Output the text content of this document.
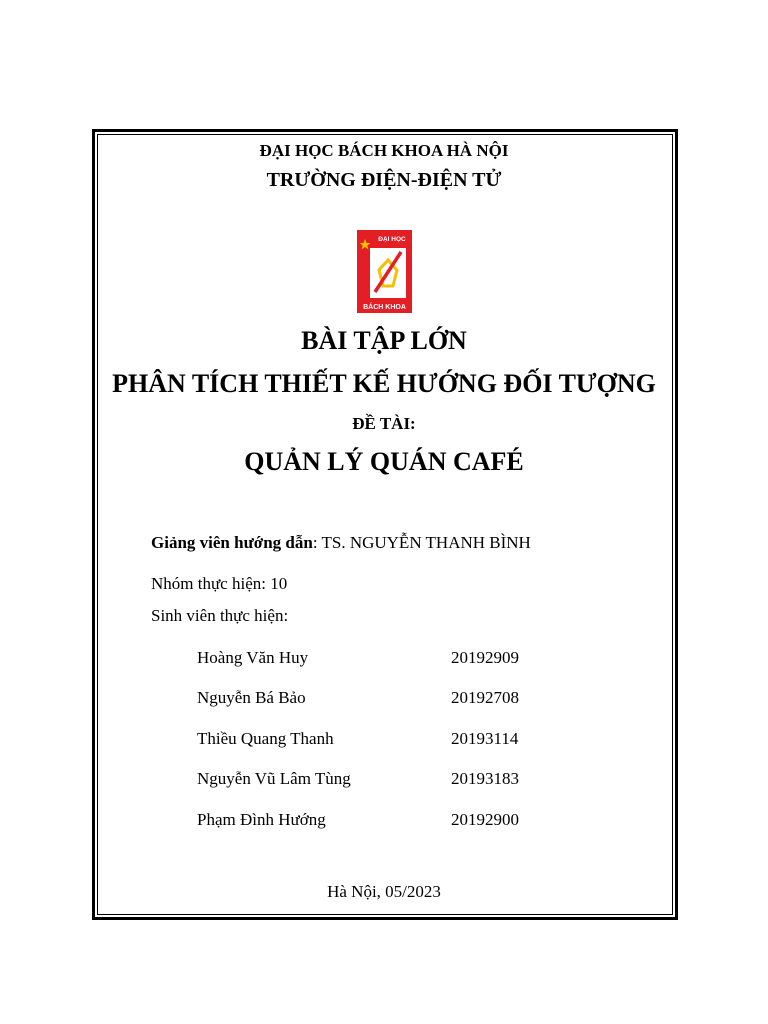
ĐẠI HỌC BÁCH KHOA HÀ NỘI
TRƯỜNG ĐIỆN-ĐIỆN TỬ
ĐẠI HỌC
BÁCH KHOA
BÀI TẬP LỚN
PHÂN TÍCH THIẾT KẾ HƯỚNG ĐỐI TƯỢNG
ĐỀ TÀI:
QUẢN LÝ QUÁN CAFÉ
Giảng viên hướng dẫn: TS. NGUYỄN THANH BÌNH
Nhóm thực hiện: 10
Sinh viên thực hiện:
Hoàng Văn Huy	20192909
Nguyễn Bá Bảo	20192708
Thiều Quang Thanh	20193114
Nguyễn Vũ Lâm Tùng	20193183
Phạm Đình Hướng	20192900
Hà Nội, 05/2023
